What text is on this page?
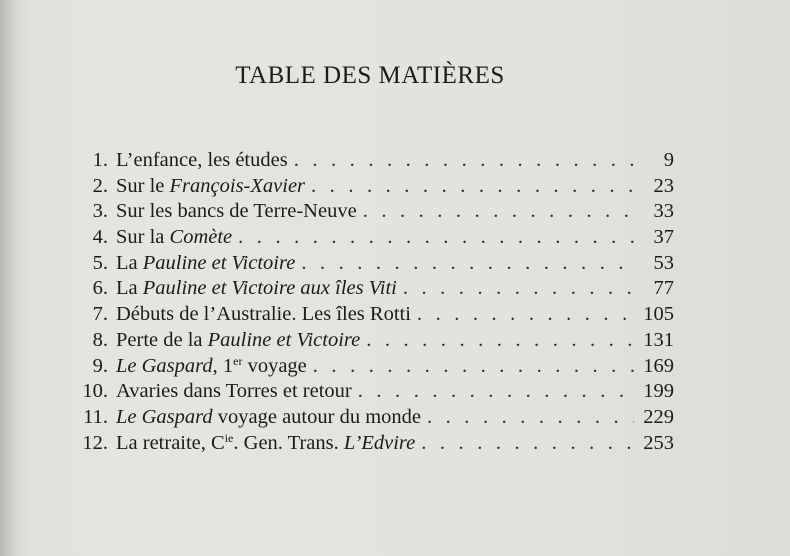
TABLE DES MATIÈRES
1. L’enfance, les études . . .	9
2. Sur le François-Xavier . . .	23
3. Sur les bancs de Terre-Neuve . . .	33
4. Sur la Comète . . .	37
5. La Pauline et Victoire . . .	53
6. La Pauline et Victoire aux îles Viti . . .	77
7. Débuts de l’Australie. Les îles Rotti . . .	105
8. Perte de la Pauline et Victoire . . .	131
9. Le Gaspard, 1er voyage . . .	169
10. Avaries dans Torres et retour . . .	199
11. Le Gaspard voyage autour du monde . . .	229
12. La retraite, $C^{ie}$. Gen. Trans. L’Edvire . . .	253
